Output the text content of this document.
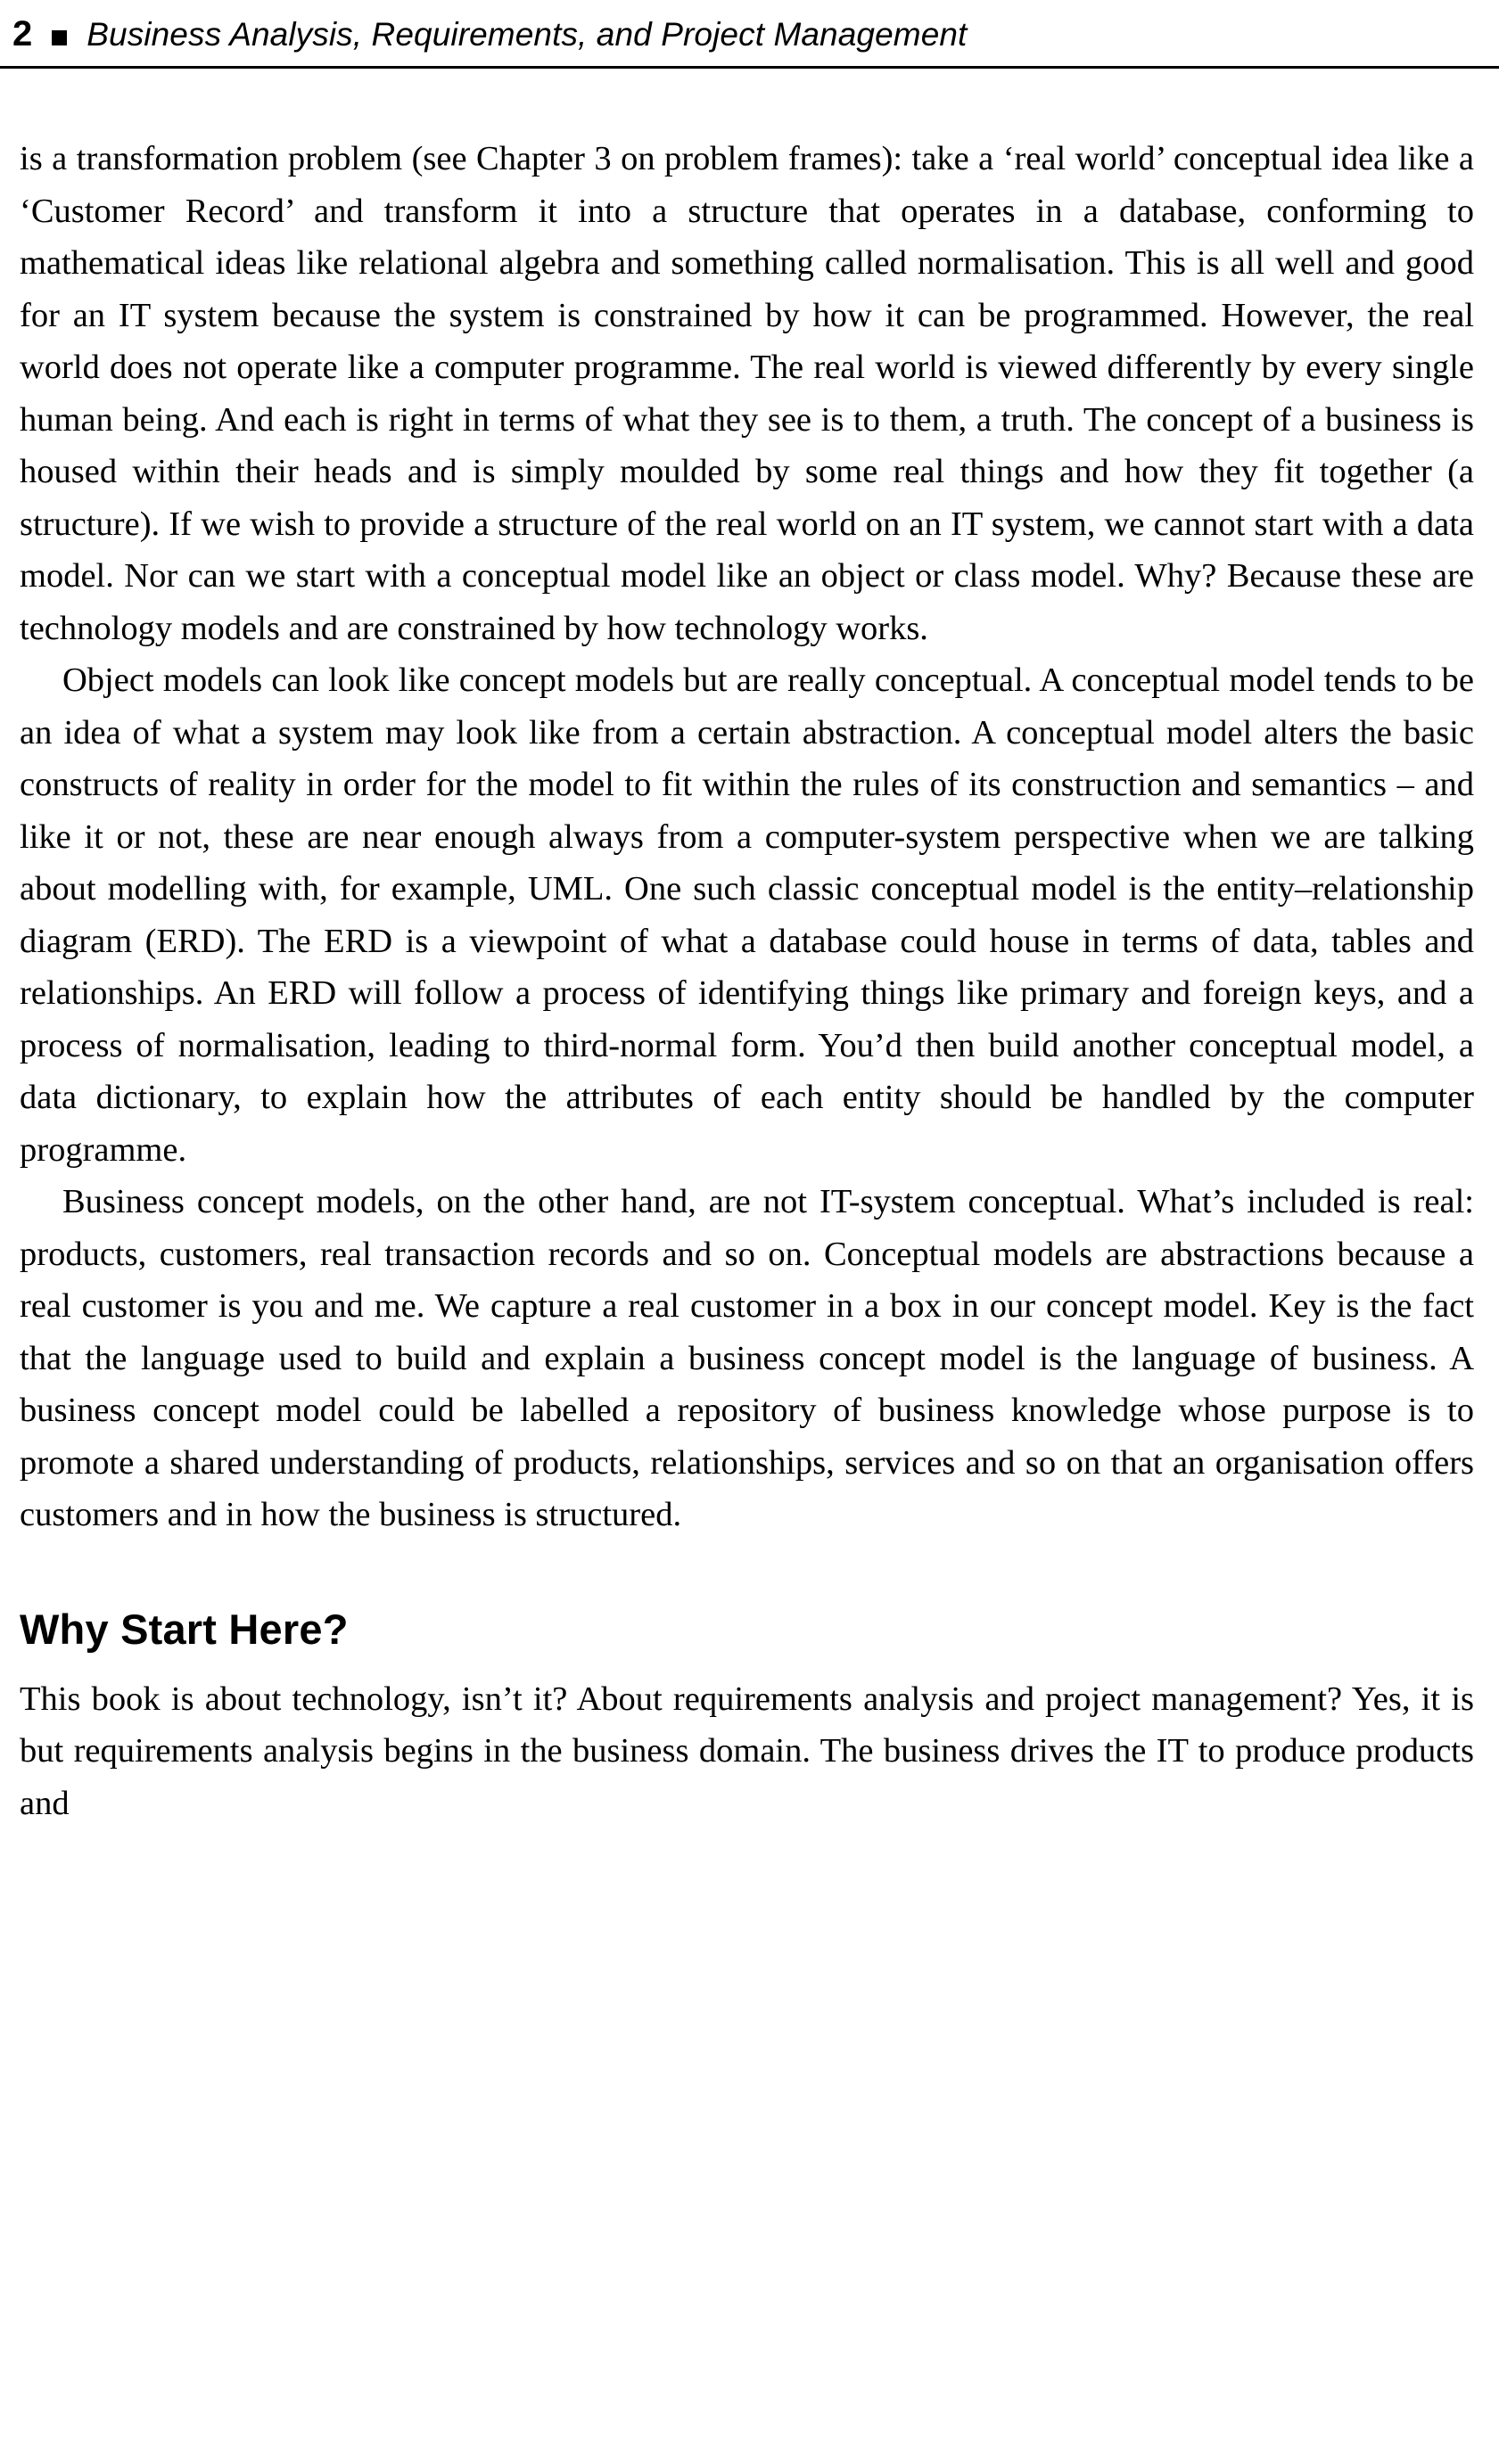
2 Business Analysis, Requirements, and Project Management

is a transformation problem (see Chapter 3 on problem frames): take a ‘real world’ conceptual idea like a ‘Customer Record’ and transform it into a structure that operates in a database, conforming to mathematical ideas like relational algebra and something called normalisation. This is all well and good for an IT system because the system is constrained by how it can be programmed. However, the real world does not operate like a computer programme. The real world is viewed differently by every single human being. And each is right in terms of what they see is to them, a truth. The concept of a business is housed within their heads and is simply moulded by some real things and how they fit together (a structure). If we wish to provide a structure of the real world on an IT system, we cannot start with a data model. Nor can we start with a conceptual model like an object or class model. Why? Because these are technology models and are constrained by how technology works.

Object models can look like concept models but are really conceptual. A conceptual model tends to be an idea of what a system may look like from a certain abstraction. A conceptual model alters the basic constructs of reality in order for the model to fit within the rules of its construction and semantics – and like it or not, these are near enough always from a computer-system perspective when we are talking about modelling with, for example, UML. One such classic conceptual model is the entity–relationship diagram (ERD). The ERD is a viewpoint of what a database could house in terms of data, tables and relationships. An ERD will follow a process of identifying things like primary and foreign keys, and a process of normalisation, leading to third-normal form. You’d then build another conceptual model, a data dictionary, to explain how the attributes of each entity should be handled by the computer programme.

Business concept models, on the other hand, are not IT-system conceptual. What’s included is real: products, customers, real transaction records and so on. Conceptual models are abstractions because a real customer is you and me. We capture a real customer in a box in our concept model. Key is the fact that the language used to build and explain a business concept model is the language of business. A business concept model could be labelled a repository of business knowledge whose purpose is to promote a shared understanding of products, relationships, services and so on that an organisation offers customers and in how the business is structured.

Why Start Here?

This book is about technology, isn’t it? About requirements analysis and project management? Yes, it is but requirements analysis begins in the business domain. The business drives the IT to produce products and
